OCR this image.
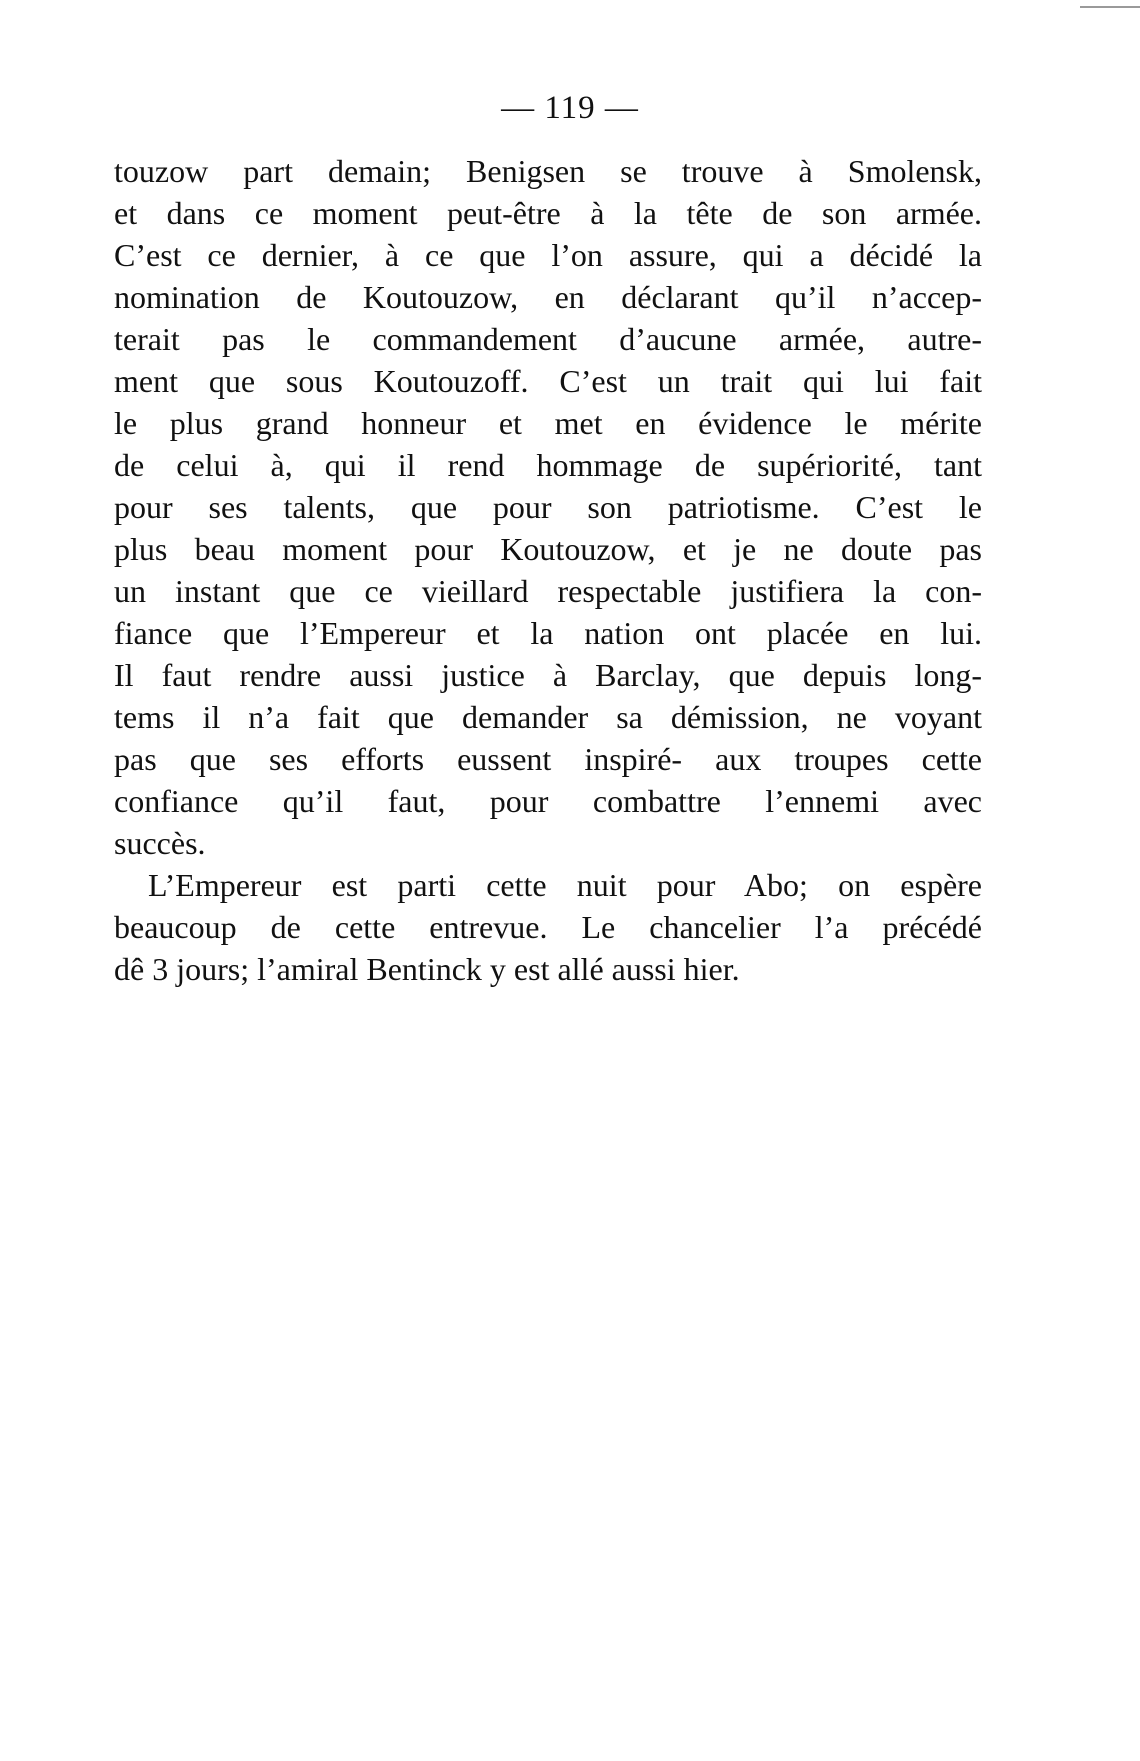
— 119 —
touzow part demain; Benigsen se trouve à Smolensk,
et dans ce moment peut-être à la tête de son armée.
C’est ce dernier, à ce que l’on assure, qui a décidé la
nomination de Koutouzow, en déclarant qu’il n’accep-
terait pas le commandement d’aucune armée, autre-
ment que sous Koutouzoff. C’est un trait qui lui fait
le plus grand honneur et met en évidence le mérite
de celui à, qui il rend hommage de supériorité, tant
pour ses talents, que pour son patriotisme. C’est le
plus beau moment pour Koutouzow, et je ne doute pas
un instant que ce vieillard respectable justifiera la con-
fiance que l’Empereur et la nation ont placée en lui.
Il faut rendre aussi justice à Barclay, que depuis long-
tems il n’a fait que demander sa démission, ne voyant
pas que ses efforts eussent inspiré- aux troupes cette
confiance qu’il faut, pour combattre l’ennemi avec
succès.
L’Empereur est parti cette nuit pour Abo; on espère
beaucoup de cette entrevue. Le chancelier l’a précédé
dê 3 jours; l’amiral Bentinck y est allé aussi hier.
